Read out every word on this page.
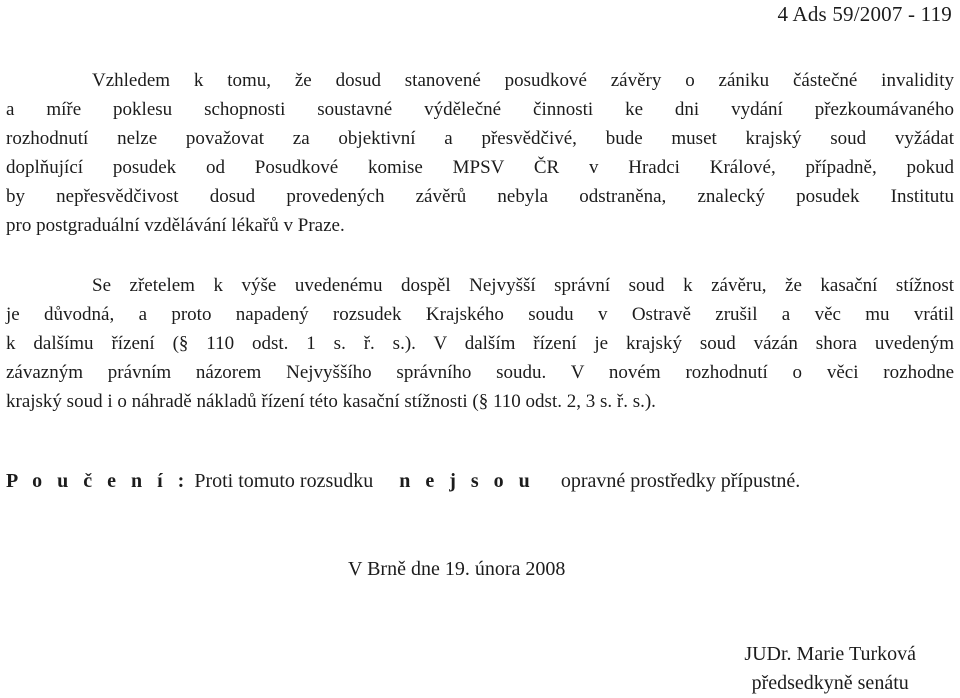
4 Ads 59/2007 - 119
Vzhledem k tomu, že dosud stanovené posudkové závěry o zániku částečné invalidity
a míře poklesu schopnosti soustavné výdělečné činnosti ke dni vydání přezkoumávaného
rozhodnutí nelze považovat za objektivní a přesvědčivé, bude muset krajský soud vyžádat
doplňující posudek od Posudkové komise MPSV ČR v Hradci Králové, případně, pokud
by nepřesvědčivost dosud provedených závěrů nebyla odstraněna, znalecký posudek Institutu
pro postgraduální vzdělávání lékařů v Praze.
Se zřetelem k výše uvedenému dospěl Nejvyšší správní soud k závěru, že kasační stížnost
je důvodná, a proto napadený rozsudek Krajského soudu v Ostravě zrušil a věc mu vrátil
k dalšímu řízení (§ 110 odst. 1 s. ř. s.). V dalším řízení je krajský soud vázán shora uvedeným
závazným právním názorem Nejvyššího správního soudu. V novém rozhodnutí o věci rozhodne
krajský soud i o náhradě nákladů řízení této kasační stížnosti (§ 110 odst. 2, 3 s. ř. s.).
P o u č e n í : Proti tomuto rozsudku n e j s o u opravné prostředky přípustné.
V Brně dne 19. února 2008
JUDr. Marie Turková
předsedkyně senátu
